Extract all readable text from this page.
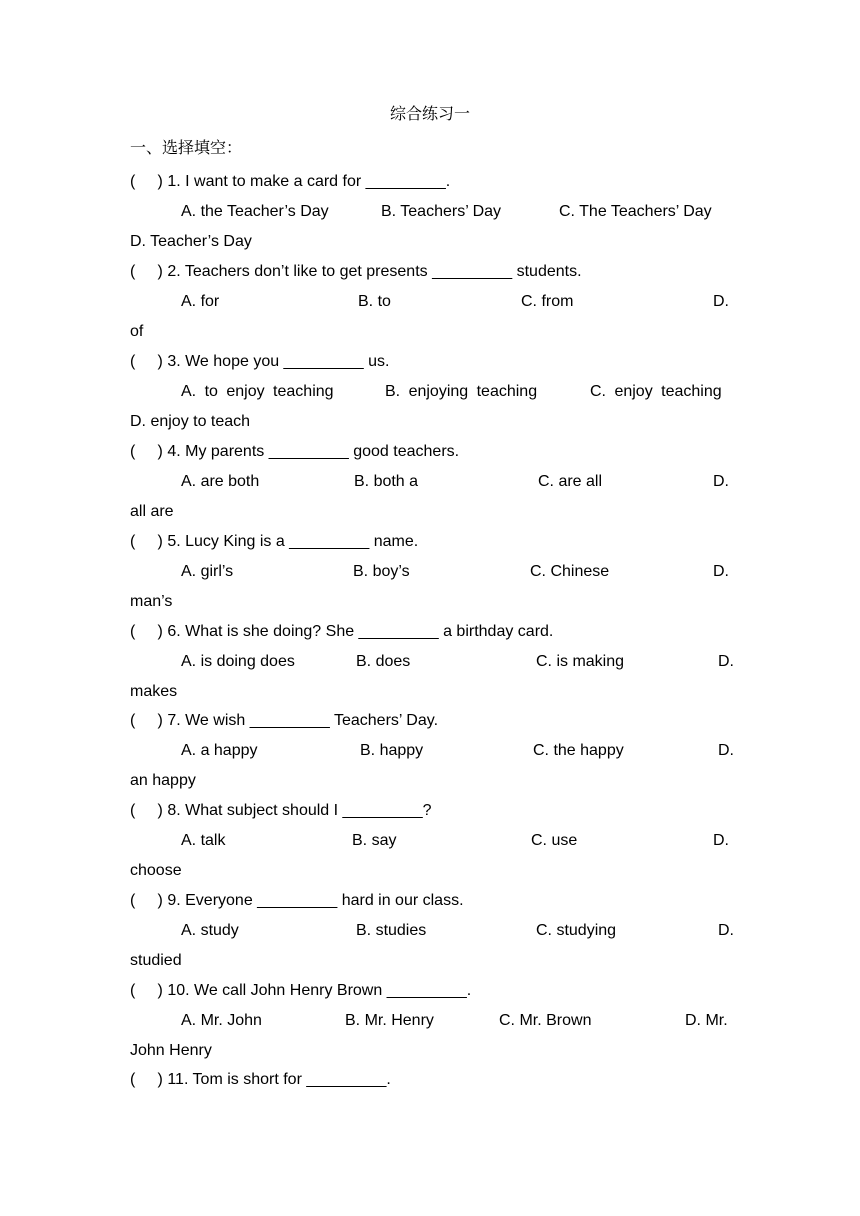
综合练习一
一、选择填空：
(     ) 1. I want to make a card for _________.
A. the Teacher’s Day	B. Teachers’ Day	C. The Teachers’ Day
D. Teacher’s Day
(     ) 2. Teachers don’t like to get presents _________ students.
A. for	B. to	C. from	D.
of
(     ) 3. We hope you _________ us.
A. to enjoy teaching	B. enjoying teaching	C. enjoy teaching
D. enjoy to teach
(     ) 4. My parents _________ good teachers.
A. are both	B. both a	C. are all	D.
all are
(     ) 5. Lucy King is a _________ name.
A. girl’s	B. boy’s	C. Chinese	D.
man’s
(     ) 6. What is she doing? She _________ a birthday card.
A. is doing does	B. does	C. is making	D.
makes
(     ) 7. We wish _________ Teachers’ Day.
A. a happy	B. happy	C. the happy	D.
an happy
(     ) 8. What subject should I _________?
A. talk	B. say	C. use	D.
choose
(     ) 9. Everyone _________ hard in our class.
A. study	B. studies	C. studying	D.
studied
(     ) 10. We call John Henry Brown _________.
A. Mr. John	B. Mr. Henry	C. Mr. Brown	D. Mr.
John Henry
(     ) 11. Tom is short for _________.
